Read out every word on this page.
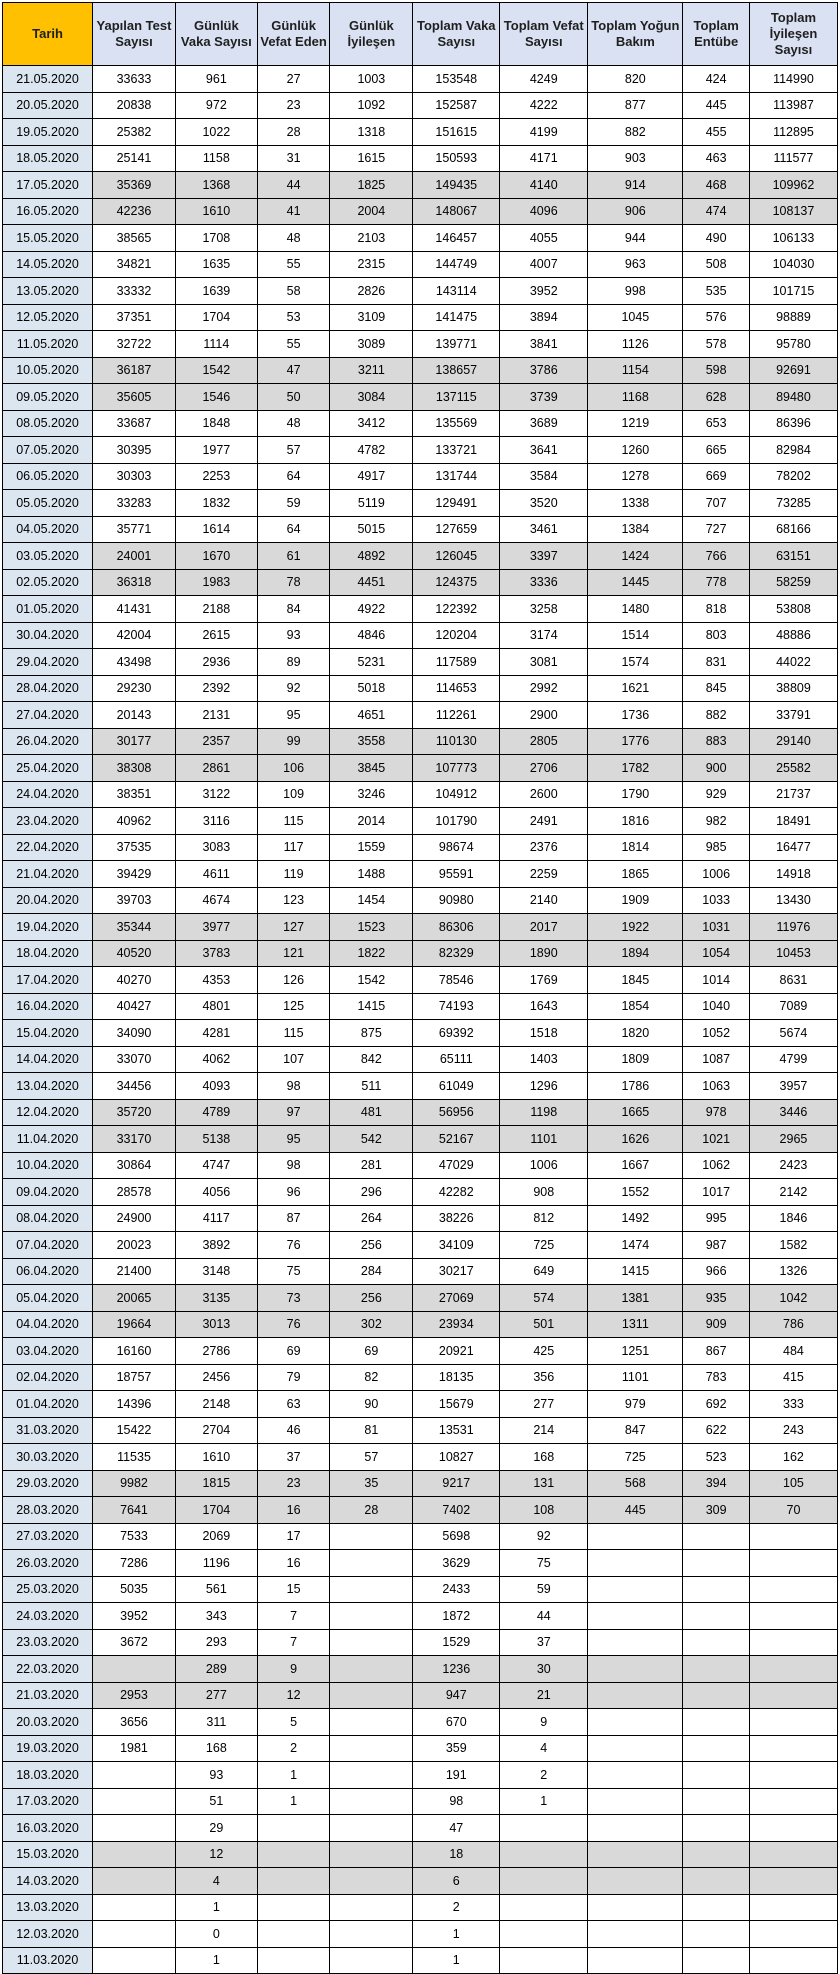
Tarih	Yapılan Test Sayısı	Günlük Vaka Sayısı	Günlük Vefat Eden	Günlük İyileşen	Toplam Vaka Sayısı	Toplam Vefat Sayısı	Toplam Yoğun Bakım	Toplam Entübe	Toplam İyileşen Sayısı
21.05.2020	33633	961	27	1003	153548	4249	820	424	114990
20.05.2020	20838	972	23	1092	152587	4222	877	445	113987
19.05.2020	25382	1022	28	1318	151615	4199	882	455	112895
18.05.2020	25141	1158	31	1615	150593	4171	903	463	111577
17.05.2020	35369	1368	44	1825	149435	4140	914	468	109962
16.05.2020	42236	1610	41	2004	148067	4096	906	474	108137
15.05.2020	38565	1708	48	2103	146457	4055	944	490	106133
14.05.2020	34821	1635	55	2315	144749	4007	963	508	104030
13.05.2020	33332	1639	58	2826	143114	3952	998	535	101715
12.05.2020	37351	1704	53	3109	141475	3894	1045	576	98889
11.05.2020	32722	1114	55	3089	139771	3841	1126	578	95780
10.05.2020	36187	1542	47	3211	138657	3786	1154	598	92691
09.05.2020	35605	1546	50	3084	137115	3739	1168	628	89480
08.05.2020	33687	1848	48	3412	135569	3689	1219	653	86396
07.05.2020	30395	1977	57	4782	133721	3641	1260	665	82984
06.05.2020	30303	2253	64	4917	131744	3584	1278	669	78202
05.05.2020	33283	1832	59	5119	129491	3520	1338	707	73285
04.05.2020	35771	1614	64	5015	127659	3461	1384	727	68166
03.05.2020	24001	1670	61	4892	126045	3397	1424	766	63151
02.05.2020	36318	1983	78	4451	124375	3336	1445	778	58259
01.05.2020	41431	2188	84	4922	122392	3258	1480	818	53808
30.04.2020	42004	2615	93	4846	120204	3174	1514	803	48886
29.04.2020	43498	2936	89	5231	117589	3081	1574	831	44022
28.04.2020	29230	2392	92	5018	114653	2992	1621	845	38809
27.04.2020	20143	2131	95	4651	112261	2900	1736	882	33791
26.04.2020	30177	2357	99	3558	110130	2805	1776	883	29140
25.04.2020	38308	2861	106	3845	107773	2706	1782	900	25582
24.04.2020	38351	3122	109	3246	104912	2600	1790	929	21737
23.04.2020	40962	3116	115	2014	101790	2491	1816	982	18491
22.04.2020	37535	3083	117	1559	98674	2376	1814	985	16477
21.04.2020	39429	4611	119	1488	95591	2259	1865	1006	14918
20.04.2020	39703	4674	123	1454	90980	2140	1909	1033	13430
19.04.2020	35344	3977	127	1523	86306	2017	1922	1031	11976
18.04.2020	40520	3783	121	1822	82329	1890	1894	1054	10453
17.04.2020	40270	4353	126	1542	78546	1769	1845	1014	8631
16.04.2020	40427	4801	125	1415	74193	1643	1854	1040	7089
15.04.2020	34090	4281	115	875	69392	1518	1820	1052	5674
14.04.2020	33070	4062	107	842	65111	1403	1809	1087	4799
13.04.2020	34456	4093	98	511	61049	1296	1786	1063	3957
12.04.2020	35720	4789	97	481	56956	1198	1665	978	3446
11.04.2020	33170	5138	95	542	52167	1101	1626	1021	2965
10.04.2020	30864	4747	98	281	47029	1006	1667	1062	2423
09.04.2020	28578	4056	96	296	42282	908	1552	1017	2142
08.04.2020	24900	4117	87	264	38226	812	1492	995	1846
07.04.2020	20023	3892	76	256	34109	725	1474	987	1582
06.04.2020	21400	3148	75	284	30217	649	1415	966	1326
05.04.2020	20065	3135	73	256	27069	574	1381	935	1042
04.04.2020	19664	3013	76	302	23934	501	1311	909	786
03.04.2020	16160	2786	69	69	20921	425	1251	867	484
02.04.2020	18757	2456	79	82	18135	356	1101	783	415
01.04.2020	14396	2148	63	90	15679	277	979	692	333
31.03.2020	15422	2704	46	81	13531	214	847	622	243
30.03.2020	11535	1610	37	57	10827	168	725	523	162
29.03.2020	9982	1815	23	35	9217	131	568	394	105
28.03.2020	7641	1704	16	28	7402	108	445	309	70
27.03.2020	7533	2069	17		5698	92			
26.03.2020	7286	1196	16		3629	75			
25.03.2020	5035	561	15		2433	59			
24.03.2020	3952	343	7		1872	44			
23.03.2020	3672	293	7		1529	37			
22.03.2020		289	9		1236	30			
21.03.2020	2953	277	12		947	21			
20.03.2020	3656	311	5		670	9			
19.03.2020	1981	168	2		359	4			
18.03.2020		93	1		191	2			
17.03.2020		51	1		98	1			
16.03.2020		29			47				
15.03.2020		12			18				
14.03.2020		4			6				
13.03.2020		1			2				
12.03.2020		0			1				
11.03.2020		1			1				
